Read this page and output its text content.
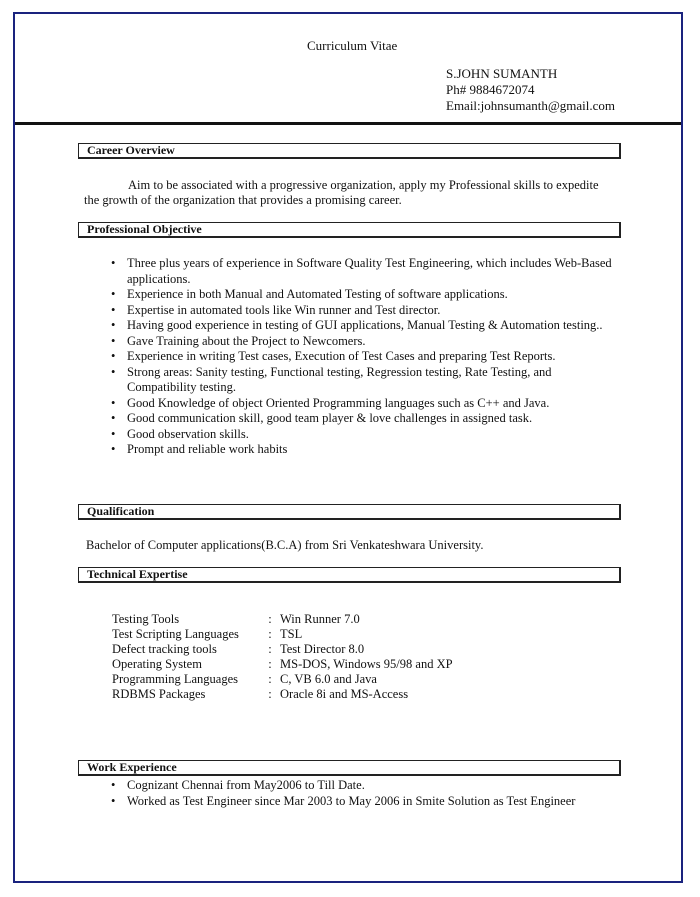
Curriculum Vitae
S.JOHN SUMANTH
Ph# 9884672074
Email:johnsumanth@gmail.com
Career Overview
Aim to be associated with a progressive organization, apply my Professional skills to expedite the growth of the organization that provides a promising career.
Professional Objective
• Three plus years of experience in Software Quality Test Engineering, which includes Web-Based applications.
• Experience in both Manual and Automated Testing of software applications.
• Expertise in automated tools like Win runner and Test director.
• Having good experience in testing of GUI applications, Manual Testing & Automation testing..
• Gave Training about the Project to Newcomers.
• Experience in writing Test cases, Execution of Test Cases and preparing Test Reports.
• Strong areas: Sanity testing, Functional testing, Regression testing, Rate Testing, and Compatibility testing.
• Good Knowledge of object Oriented Programming languages such as C++ and Java.
• Good communication skill, good team player & love challenges in assigned task.
• Good observation skills.
• Prompt and reliable work habits
Qualification
Bachelor of Computer applications(B.C.A) from Sri Venkateshwara University.
Technical Expertise
Testing Tools	:	Win Runner 7.0
Test Scripting Languages	:	TSL
Defect tracking tools	:	Test Director 8.0
Operating System	:	MS-DOS, Windows 95/98 and XP
Programming Languages	:	C, VB 6.0 and Java
RDBMS Packages	:	Oracle 8i and MS-Access
Work Experience
• Cognizant Chennai from May2006 to Till Date.
• Worked as Test Engineer since Mar 2003 to May 2006 in Smite Solution as Test Engineer
